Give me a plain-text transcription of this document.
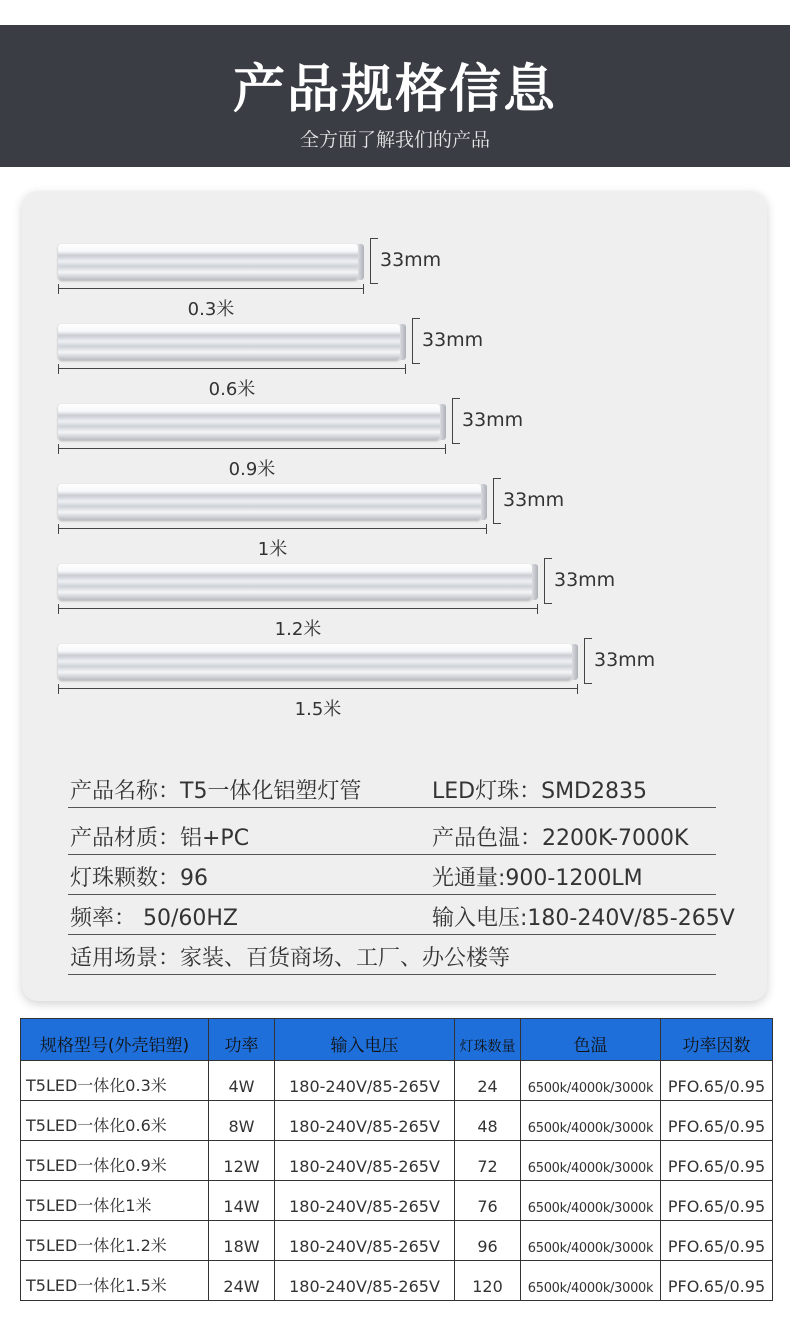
产品规格信息
全方面了解我们的产品
33mm
0.3米
33mm
0.6米
33mm
0.9米
33mm
1米
33mm
1.2米
33mm
1.5米
产品名称：T5一体化铝塑灯管	LED灯珠：SMD2835
产品材质：铝+PC	产品色温：2200K-7000K
灯珠颗数：96	光通量:900-1200LM
频率： 50/60HZ	输入电压:180-240V/85-265V
适用场景：家装、百货商场、工厂、办公楼等
规格型号(外壳铝塑)	功率	输入电压	灯珠数量	色温	功率因数
T5LED一体化0.3米	4W	180-240V/85-265V	24	6500k/4000k/3000k	PFO.65/0.95
T5LED一体化0.6米	8W	180-240V/85-265V	48	6500k/4000k/3000k	PFO.65/0.95
T5LED一体化0.9米	12W	180-240V/85-265V	72	6500k/4000k/3000k	PFO.65/0.95
T5LED一体化1米	14W	180-240V/85-265V	76	6500k/4000k/3000k	PFO.65/0.95
T5LED一体化1.2米	18W	180-240V/85-265V	96	6500k/4000k/3000k	PFO.65/0.95
T5LED一体化1.5米	24W	180-240V/85-265V	120	6500k/4000k/3000k	PFO.65/0.95
